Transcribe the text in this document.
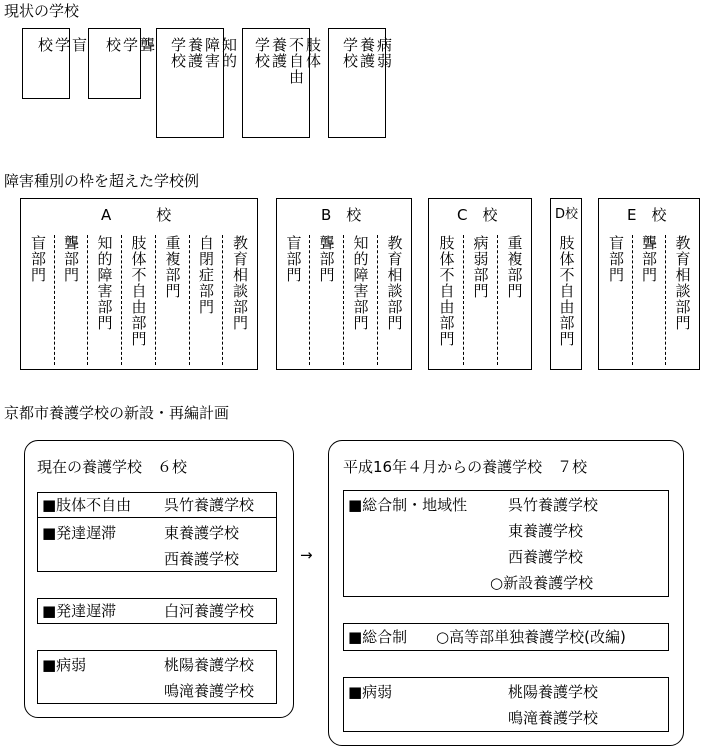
現状の学校
盲
学
校	聾
学
校	知的
障害
養護
学校	肢体
不自由
養護
学校	病弱
養護
学校
障害種別の枠を超えた学校例
A　　　校
盲部門 聾部門 知的障害部門 肢体不自由部門 重複部門 自閉症部門 教育相談部門
B　校
盲部門 聾部門 知的障害部門 教育相談部門
C　校
肢体不自由部門 病弱部門 重複部門
D校
肢体不自由部門
E　校
盲部門 聾部門 教育相談部門
京都市養護学校の新設・再編計画
現在の養護学校　６校
■肢体不自由 呉竹養護学校
■発達遅滞	東養護学校
西養護学校
■発達遅滞	白河養護学校
■病弱	桃陽養護学校
鳴滝養護学校
→
平成16年４月からの養護学校　７校
■総合制・地域性	呉竹養護学校
東養護学校
西養護学校
○新設養護学校
■総合制 ○高等部単独養護学校(改編)
■病弱	桃陽養護学校
鳴滝養護学校
